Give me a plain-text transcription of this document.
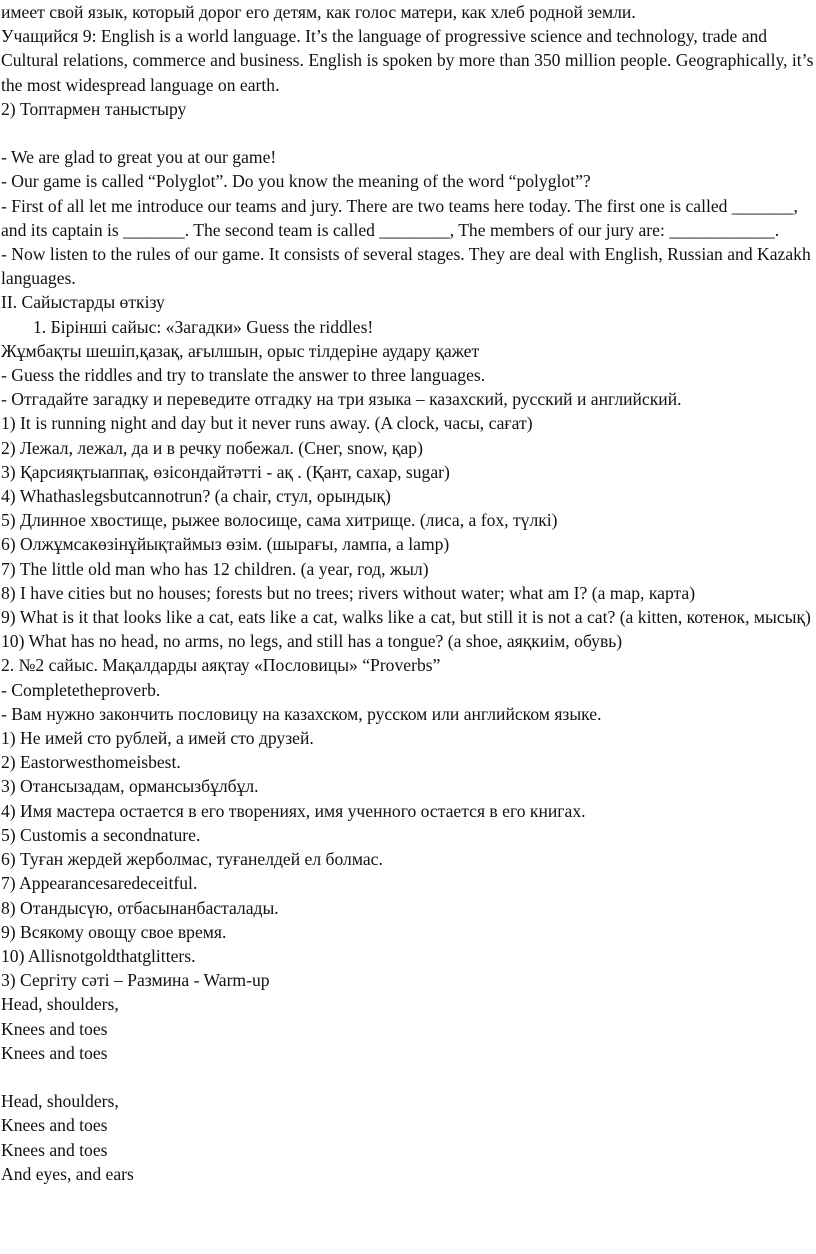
имеет свой язык, который дорог его детям, как голос матери, как хлеб родной земли.

Учащийся 9: English is a world language. It’s the language of progressive science and technology, trade and Cultural relations, commerce and business. English is spoken by more than 350 million people. Geographically, it’s the most widespread language on earth.

2) Топтармен таныстыру

- We are glad to great you at our game!

- Our game is called “Polyglot”. Do you know the meaning of the word “polyglot”?

- First of all let me introduce our teams and jury. There are two teams here today. The first one is called _______, and its captain is _______. The second team is called ________, The members of our jury are: ____________.

- Now listen to the rules of our game. It consists of several stages. They are deal with English, Russian and Kazakh languages.

II. Сайыстарды өткізу

1. Бірінші сайыс: «Загадки» Guess the riddles!

Жұмбақты шешіп,қазақ, ағылшын, орыс тілдеріне аудару қажет

- Guess the riddles and try to translate the answer to three languages.

- Отгадайте загадку и переведите отгадку на три языка – казахский, русский и английский.

1) It is running night and day but it never runs away. (A clock, часы, сағат)

2) Лежал, лежал, да и в речку побежал. (Снег, snow, қар)

3) Қарсияқтыаппақ, өзісондайтәтті - ақ . (Қант, сахар, sugar)

4) Whathaslegsbutcannotrun? (a chair, стул, орындық)

5) Длинное хвостище, рыжее волосище, сама хитрище. (лиса, a fox, түлкі)

6) Олжұмсакөзінұйықтаймыз өзім. (шырағы, лампа, a lamp)

7) The little old man who has 12 children. (a year, год, жыл)

8) I have cities but no houses; forests but no trees; rivers without water; what am I? (a map, карта)

9) What is it that looks like a cat, eats like a cat, walks like a cat, but still it is not a cat? (a kitten, котенок, мысық)

10) What has no head, no arms, no legs, and still has a tongue? (a shoe, аяқкиім, обувь)

2. №2 сайыс. Мақалдарды аяқтау «Пословицы» “Proverbs”

- Completetheproverb.

- Вам нужно закончить пословицу на казахском, русском или английском языке.

1) Не имей сто рублей, а имей сто друзей.

2) Eastorwesthomeisbest.

3) Отансызадам, ормансызбұлбұл.

4) Имя мастера остается в его творениях, имя ученного остается в его книгах.

5) Customis a secondnature.

6) Туған жердей жерболмас, туғанелдей ел болмас.

7) Appearancesaredeceitful.

8) Отандысүю, отбасынанбасталады.

9) Всякому овощу свое время.

10) Allisnotgoldthatglitters.

3) Сергіту сәті – Разминa - Warm-up

Head, shoulders,

Knees and toes

Knees and toes

Head, shoulders,

Knees and toes

Knees and toes

And eyes, and ears
